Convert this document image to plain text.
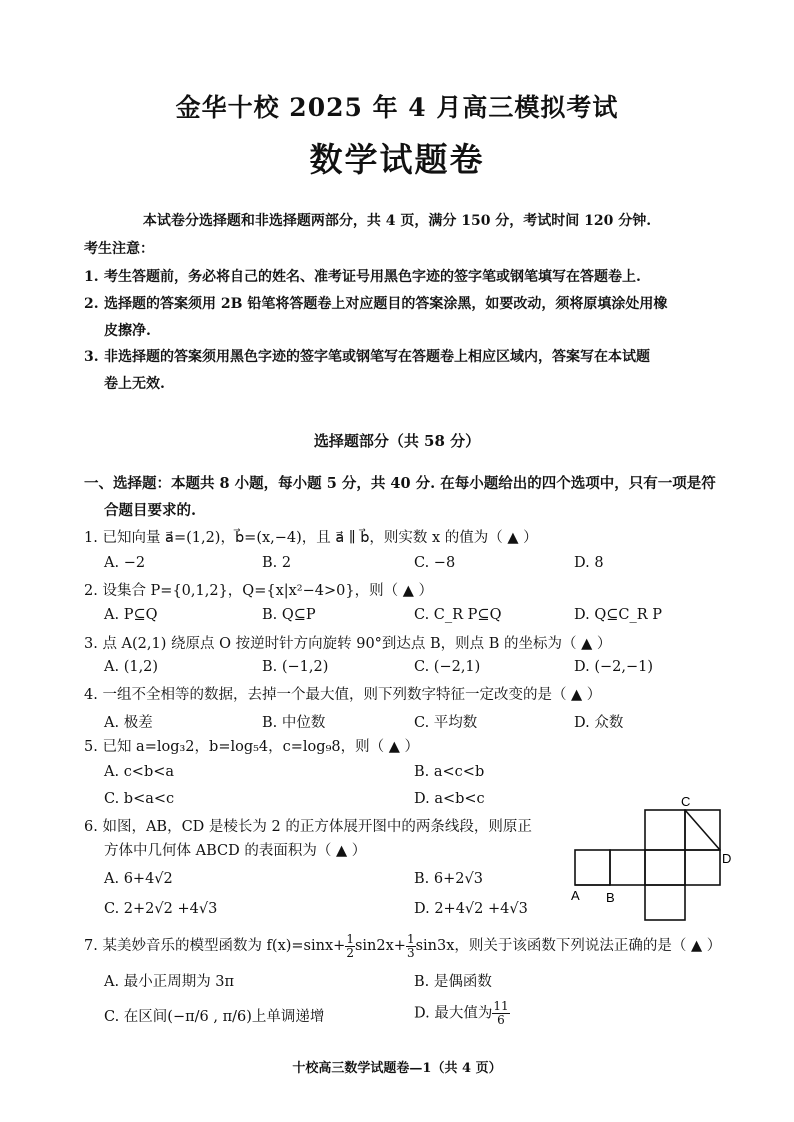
金华十校 2025 年 4 月高三模拟考试
数学试题卷
本试卷分选择题和非选择题两部分，共 4 页，满分 150 分，考试时间 120 分钟.
考生注意：
1. 考生答题前，务必将自己的姓名、准考证号用黑色字迹的签字笔或钢笔填写在答题卷上.
2. 选择题的答案须用 2B 铅笔将答题卷上对应题目的答案涂黑，如要改动，须将原填涂处用橡
皮擦净.
3. 非选择题的答案须用黑色字迹的签字笔或钢笔写在答题卷上相应区域内，答案写在本试题
卷上无效.
选择题部分（共 58 分）
一、选择题：本题共 8 小题，每小题 5 分，共 40 分. 在每小题给出的四个选项中，只有一项是符
合题目要求的.
1. 已知向量 a⃗=(1,2)，b⃗=(x,−4)，且 a⃗ ∥ b⃗，则实数 x 的值为（ ▲ ）
A. −2	B. 2	C. −8	D. 8
2. 设集合 P={0,1,2}，Q={x|x²−4>0}，则（ ▲ ）
A. P⊆Q	B. Q⊆P	C. C_R P⊆Q	D. Q⊆C_R P
3. 点 A(2,1) 绕原点 O 按逆时针方向旋转 90°到达点 B，则点 B 的坐标为（ ▲ ）
A. (1,2)	B. (−1,2)	C. (−2,1)	D. (−2,−1)
4. 一组不全相等的数据，去掉一个最大值，则下列数字特征一定改变的是（ ▲ ）
A. 极差	B. 中位数	C. 平均数	D. 众数
5. 已知 a=log₃2，b=log₅4，c=log₉8，则（ ▲ ）
A. c<b<a	B. a<c<b
C. b<a<c	D. a<b<c
6. 如图，AB，CD 是棱长为 2 的正方体展开图中的两条线段，则原正
方体中几何体 ABCD 的表面积为（ ▲ ）
A. 6+4√2	B. 6+2√3
C. 2+2√2 +4√3	D. 2+4√2 +4√3
C
D
A B
7. 某美妙音乐的模型函数为 $f(x)=\sin x+ \frac{1}{2} \sin 2x+ \frac{1}{3} \sin 3x$，则关于该函数下列说法正确的是（ ▲ ）
A. 最小正周期为 3π	B. 是偶函数
C. 在区间(−π/6 , π/6)上单调递增	D. 最大值为 $\frac{11}{6}$
十校高三数学试题卷—1（共 4 页）
